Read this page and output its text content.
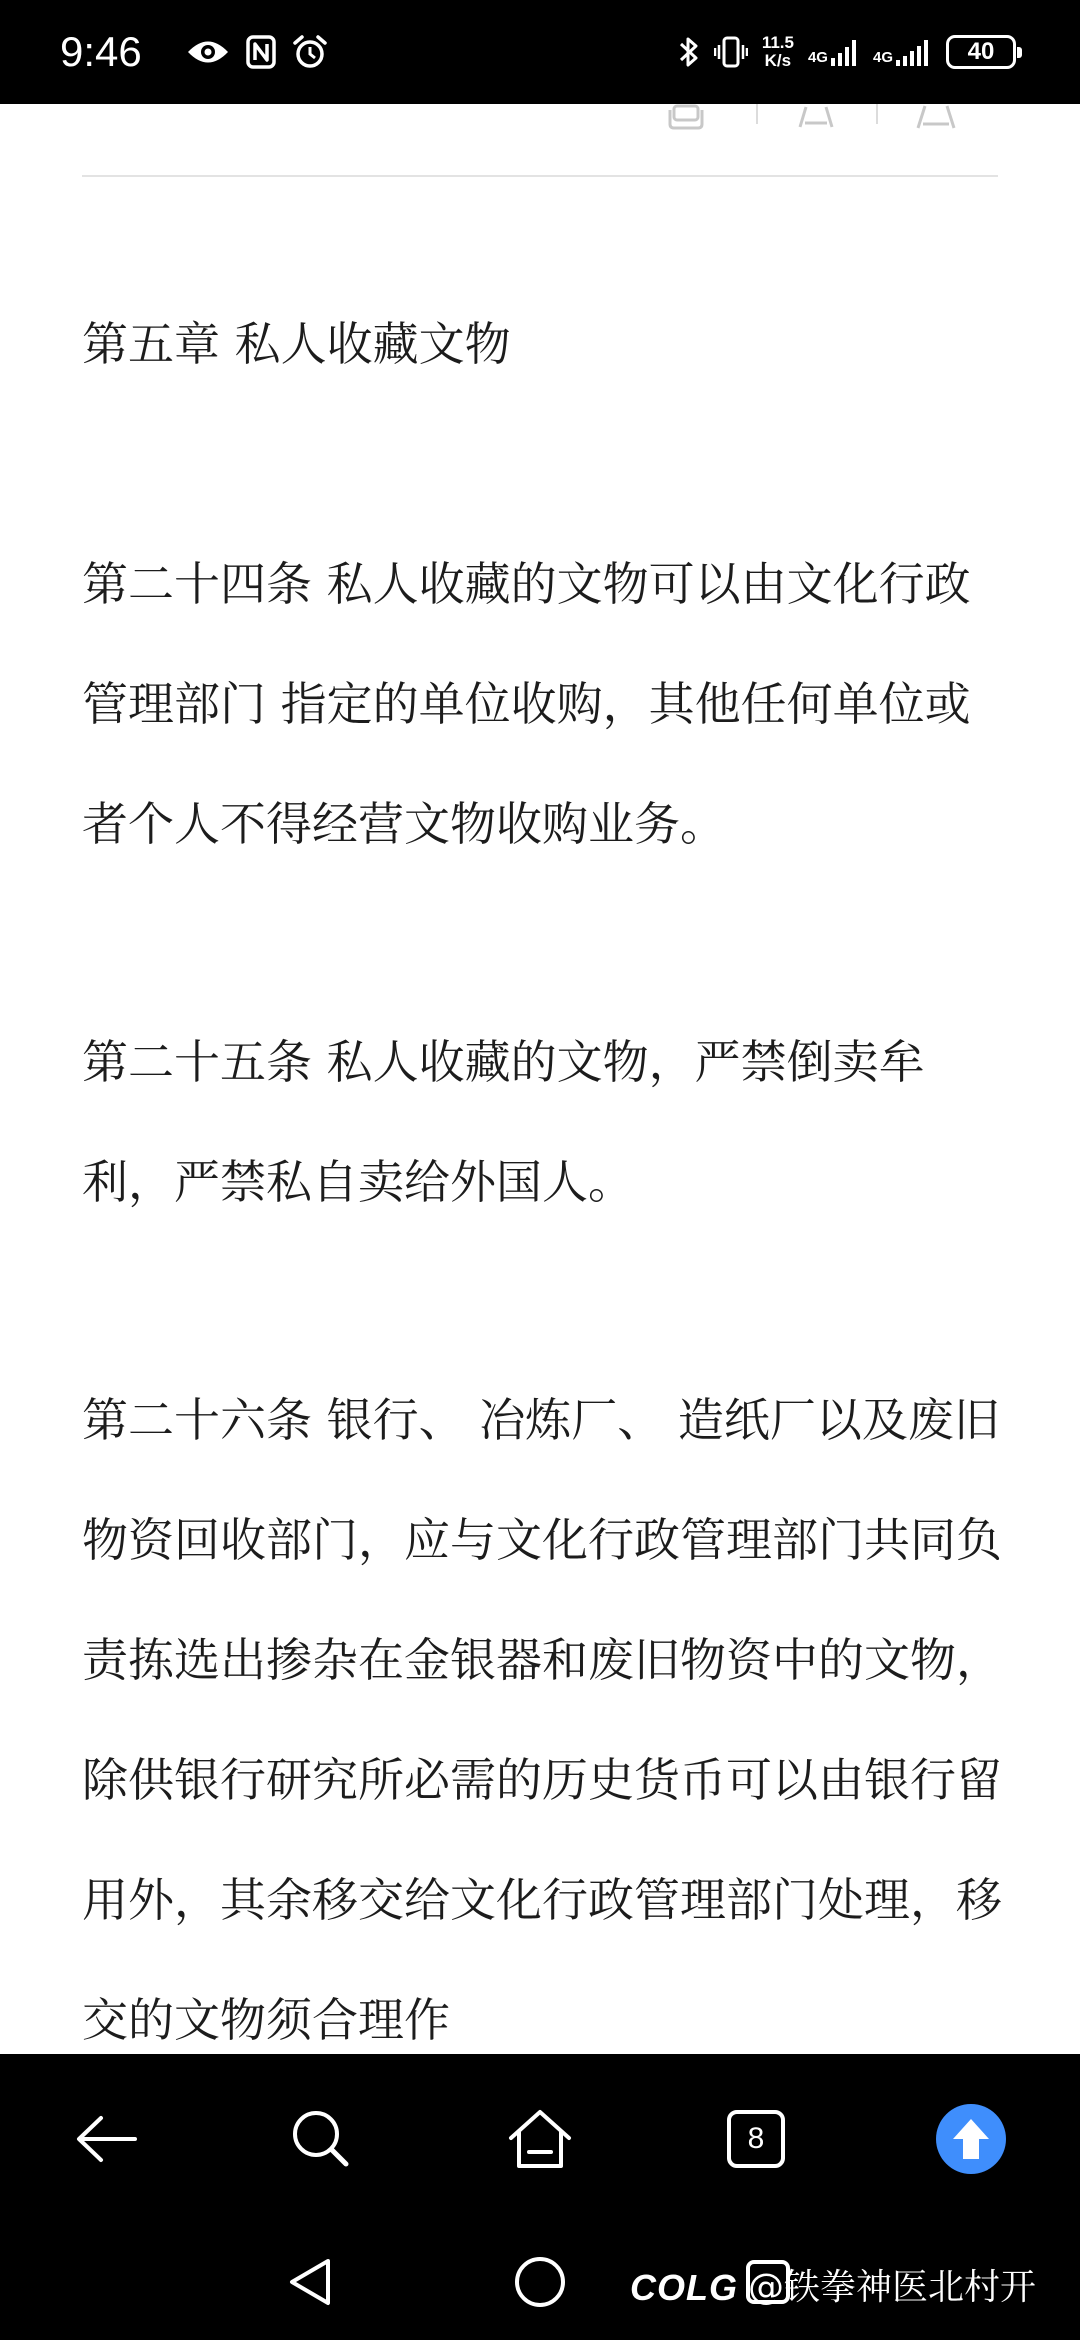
9:46	11.5
K/s 4G	4G	40
第五章 私人收藏文物

第二十四条 私人收藏的文物可以由文化行政管理部门 指定的单位收购，其他任何单位或者个人不得经营文物收购业务。

第二十五条 私人收藏的文物，严禁倒卖牟利，严禁私自卖给外国人。

第二十六条 银行、 冶炼厂、 造纸厂以及废旧物资回收部门，应与文化行政管理部门共同负责拣选出掺杂在金银器和废旧物资中的文物，除供银行研究所必需的历史货币可以由银行留用外，其余移交给文化行政管理部门处理，移交的文物须合理作

8
COLG @铁拳神医北村开
